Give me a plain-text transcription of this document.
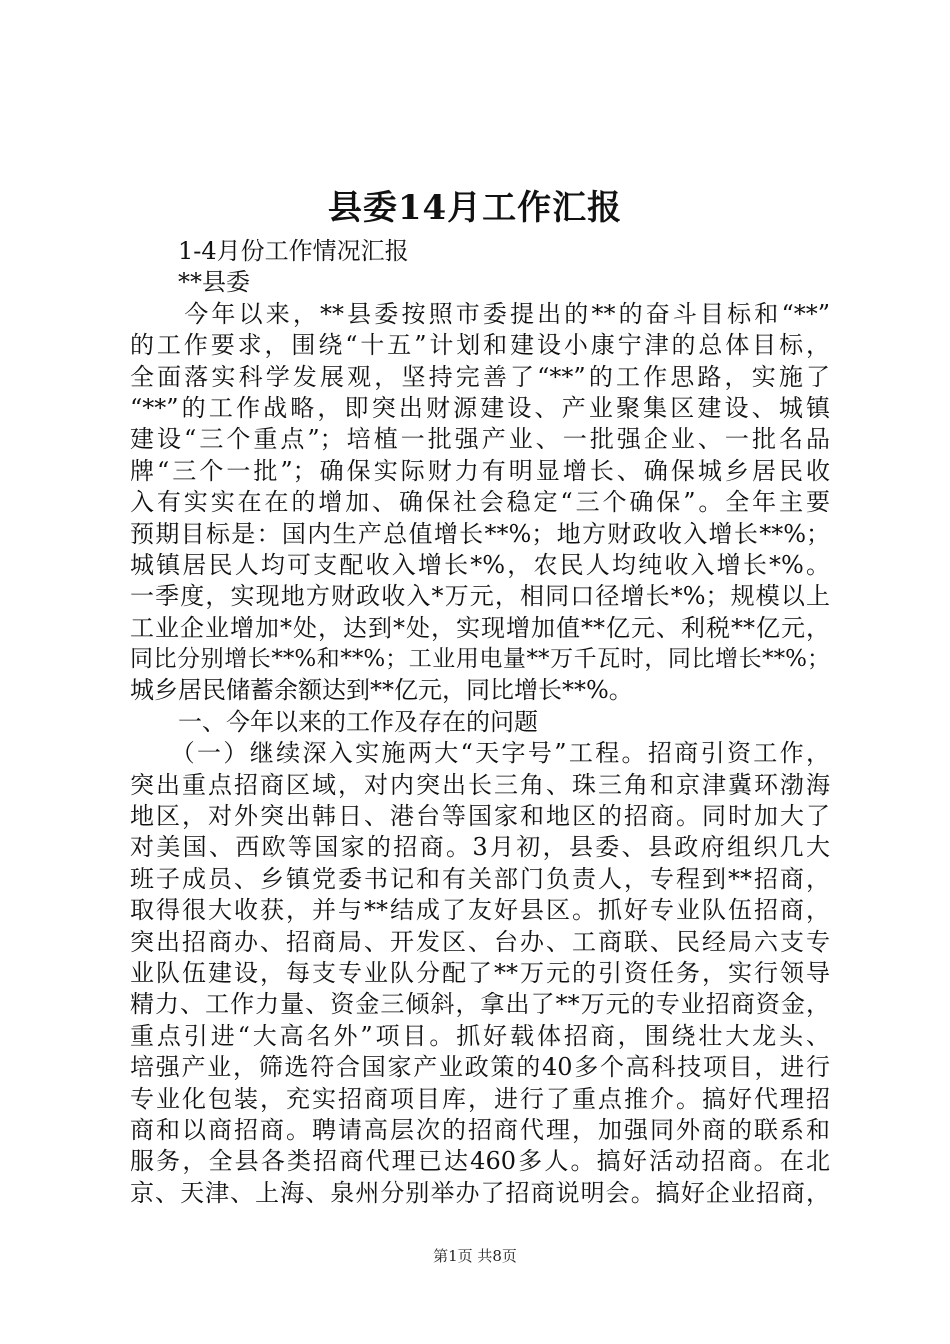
县委14月工作汇报
　　1-4月份工作情况汇报
　　**县委
　　今年以来，**县委按照市委提出的**的奋斗目标和“**”
的工作要求，围绕“十五”计划和建设小康宁津的总体目标，
全面落实科学发展观，坚持完善了“**”的工作思路，实施了
“**”的工作战略，即突出财源建设、产业聚集区建设、城镇
建设“三个重点”；培植一批强产业、一批强企业、一批名品
牌“三个一批”；确保实际财力有明显增长、确保城乡居民收
入有实实在在的增加、确保社会稳定“三个确保”。全年主要
预期目标是：国内生产总值增长**%；地方财政收入增长**%；
城镇居民人均可支配收入增长*%，农民人均纯收入增长*%。
一季度，实现地方财政收入*万元，相同口径增长*%；规模以上
工业企业增加*处，达到*处，实现增加值**亿元、利税**亿元，
同比分别增长**%和**%；工业用电量**万千瓦时，同比增长**%；
城乡居民储蓄余额达到**亿元，同比增长**%。
　　一、今年以来的工作及存在的问题
　　（一）继续深入实施两大“天字号”工程。招商引资工作，
突出重点招商区域，对内突出长三角、珠三角和京津冀环渤海
地区，对外突出韩日、港台等国家和地区的招商。同时加大了
对美国、西欧等国家的招商。3月初，县委、县政府组织几大
班子成员、乡镇党委书记和有关部门负责人，专程到**招商，
取得很大收获，并与**结成了友好县区。抓好专业队伍招商，
突出招商办、招商局、开发区、台办、工商联、民经局六支专
业队伍建设，每支专业队分配了**万元的引资任务，实行领导
精力、工作力量、资金三倾斜，拿出了**万元的专业招商资金，
重点引进“大高名外”项目。抓好载体招商，围绕壮大龙头、
培强产业，筛选符合国家产业政策的40多个高科技项目，进行
专业化包装，充实招商项目库，进行了重点推介。搞好代理招
商和以商招商。聘请高层次的招商代理，加强同外商的联系和
服务，全县各类招商代理已达460多人。搞好活动招商。在北
京、天津、上海、泉州分别举办了招商说明会。搞好企业招商，
第1页 共8页
